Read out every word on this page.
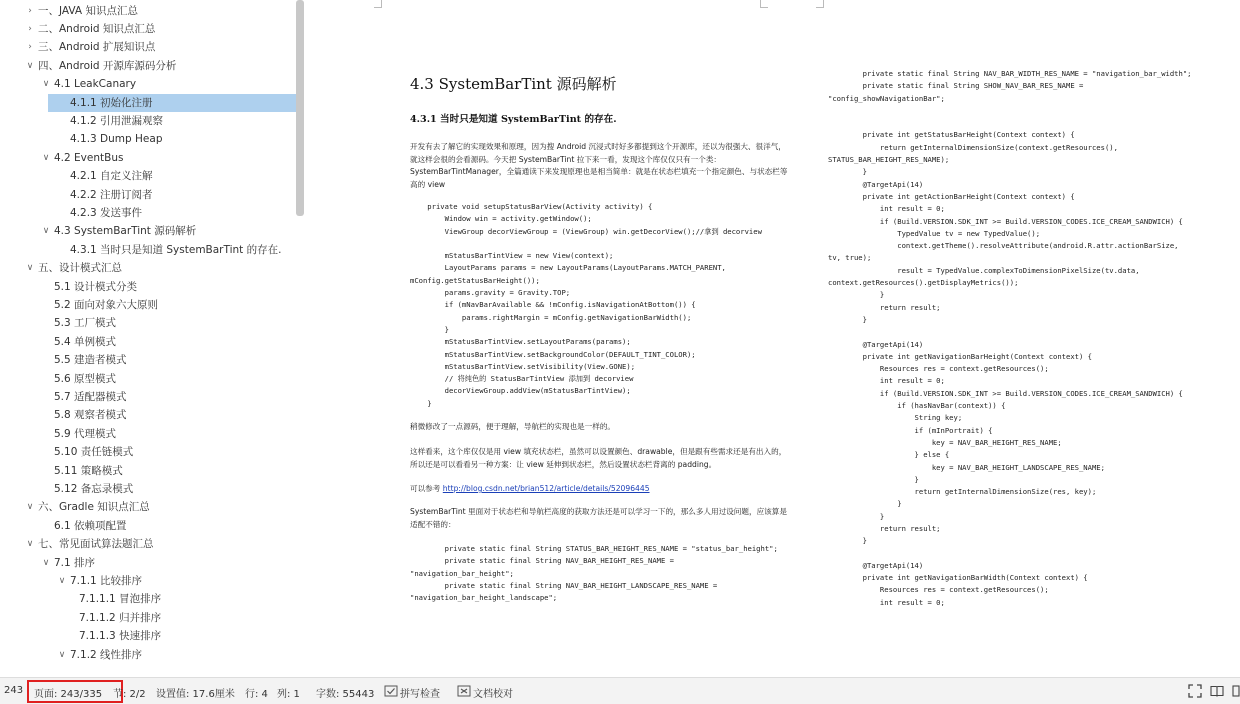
› 一、JAVA 知识点汇总
› 二、Android 知识点汇总
› 三、Android 扩展知识点
∨ 四、Android 开源库源码分析
∨ 4.1 LeakCanary
4.1.1 初始化注册
4.1.2 引用泄漏观察
4.1.3 Dump Heap
∨ 4.2 EventBus
4.2.1 自定义注解
4.2.2 注册订阅者
4.2.3 发送事件
∨ 4.3 SystemBarTint 源码解析
4.3.1 当时只是知道 SystemBarTint 的存在.
∨ 五、设计模式汇总
5.1 设计模式分类
5.2 面向对象六大原则
5.3 工厂模式
5.4 单例模式
5.5 建造者模式
5.6 原型模式
5.7 适配器模式
5.8 观察者模式
5.9 代理模式
5.10 责任链模式
5.11 策略模式
5.12 备忘录模式
∨ 六、Gradle 知识点汇总
6.1 依赖项配置
∨ 七、常见面试算法题汇总
∨ 7.1 排序
∨ 7.1.1 比较排序
7.1.1.1 冒泡排序
7.1.1.2 归并排序
7.1.1.3 快速排序
∨ 7.1.2 线性排序
4.3 SystemBarTint 源码解析
4.3.1 当时只是知道 SystemBarTint 的存在.
开发有去了解它的实现效果和原理，因为搜 Android 沉浸式时好多都提到这个开源库，还以为很强大、很洋气，就这样会很的会看源码。今天把 SystemBarTint 拉下来一看，发现这个库仅仅只有一个类：SystemBarTintManager，全篇通读下来发现原理也是相当简单：就是在状态栏填充一个指定颜色、与状态栏等高的 view
private void setupStatusBarView(Activity activity) {
Window win = activity.getWindow();
ViewGroup decorViewGroup = (ViewGroup) win.getDecorView();//拿到 decorview
mStatusBarTintView = new View(context);
LayoutParams params = new LayoutParams(LayoutParams.MATCH_PARENT,
mConfig.getStatusBarHeight());
params.gravity = Gravity.TOP;
if (mNavBarAvailable && !mConfig.isNavigationAtBottom()) {
params.rightMargin = mConfig.getNavigationBarWidth();
}
mStatusBarTintView.setLayoutParams(params);
mStatusBarTintView.setBackgroundColor(DEFAULT_TINT_COLOR);
mStatusBarTintView.setVisibility(View.GONE);
// 将纯色的 StatusBarTintView 添加到 decorview
decorViewGroup.addView(mStatusBarTintView);
}
稍微修改了一点源码，便于理解，导航栏的实现也是一样的。
这样看来，这个库仅仅是用 view 填充状态栏，虽然可以设置颜色、drawable，但是跟有些需求还是有出入的，所以还是可以看看另一种方案：让 view 延伸到状态栏，然后设置状态栏背离的 padding。
可以参考 http://blog.csdn.net/brian512/article/details/52096445
SystemBarTint 里面对于状态栏和导航栏高度的获取方法还是可以学习一下的，那么多人用过设问题，应该算是适配不错的：
private static final String STATUS_BAR_HEIGHT_RES_NAME = "status_bar_height";
private static final String NAV_BAR_HEIGHT_RES_NAME =
"navigation_bar_height";
private static final String NAV_BAR_HEIGHT_LANDSCAPE_RES_NAME =
"navigation_bar_height_landscape";
private static final String NAV_BAR_WIDTH_RES_NAME = "navigation_bar_width";
private static final String SHOW_NAV_BAR_RES_NAME =
"config_showNavigationBar";
private int getStatusBarHeight(Context context) {
return getInternalDimensionSize(context.getResources(),
STATUS_BAR_HEIGHT_RES_NAME);
}
@TargetApi(14)
private int getActionBarHeight(Context context) {
int result = 0;
if (Build.VERSION.SDK_INT >= Build.VERSION_CODES.ICE_CREAM_SANDWICH) {
TypedValue tv = new TypedValue();
context.getTheme().resolveAttribute(android.R.attr.actionBarSize,
tv, true);
result = TypedValue.complexToDimensionPixelSize(tv.data,
context.getResources().getDisplayMetrics());
}
return result;
}
@TargetApi(14)
private int getNavigationBarHeight(Context context) {
Resources res = context.getResources();
int result = 0;
if (Build.VERSION.SDK_INT >= Build.VERSION_CODES.ICE_CREAM_SANDWICH) {
if (hasNavBar(context)) {
String key;
if (mInPortrait) {
key = NAV_BAR_HEIGHT_RES_NAME;
} else {
key = NAV_BAR_HEIGHT_LANDSCAPE_RES_NAME;
}
return getInternalDimensionSize(res, key);
}
}
return result;
}
@TargetApi(14)
private int getNavigationBarWidth(Context context) {
Resources res = context.getResources();
int result = 0;
243 页面: 243/335 节: 2/2 设置值: 17.6厘米 行: 4 列: 1 字数: 55443	拼写检查	文档校对
